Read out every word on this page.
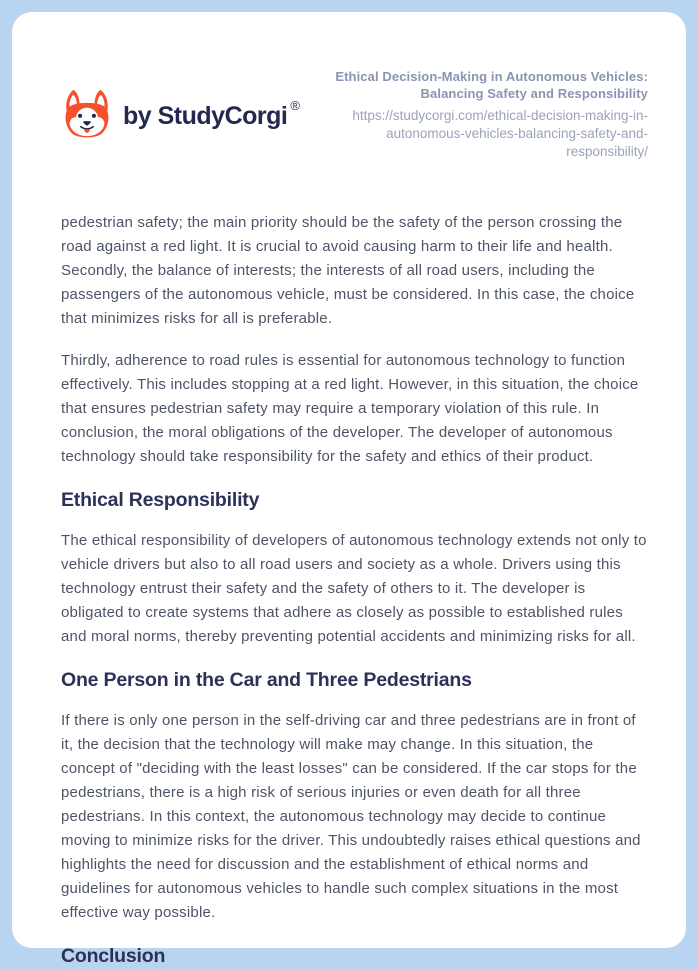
by StudyCorgi ®
Ethical Decision-Making in Autonomous Vehicles: Balancing Safety and Responsibility
https://studycorgi.com/ethical-decision-making-in-autonomous-vehicles-balancing-safety-and-responsibility/

pedestrian safety; the main priority should be the safety of the person crossing the road against a red light. It is crucial to avoid causing harm to their life and health. Secondly, the balance of interests; the interests of all road users, including the passengers of the autonomous vehicle, must be considered. In this case, the choice that minimizes risks for all is preferable.

Thirdly, adherence to road rules is essential for autonomous technology to function effectively. This includes stopping at a red light. However, in this situation, the choice that ensures pedestrian safety may require a temporary violation of this rule. In conclusion, the moral obligations of the developer. The developer of autonomous technology should take responsibility for the safety and ethics of their product.

Ethical Responsibility

The ethical responsibility of developers of autonomous technology extends not only to vehicle drivers but also to all road users and society as a whole. Drivers using this technology entrust their safety and the safety of others to it. The developer is obligated to create systems that adhere as closely as possible to established rules and moral norms, thereby preventing potential accidents and minimizing risks for all.

One Person in the Car and Three Pedestrians

If there is only one person in the self-driving car and three pedestrians are in front of it, the decision that the technology will make may change. In this situation, the concept of "deciding with the least losses" can be considered. If the car stops for the pedestrians, there is a high risk of serious injuries or even death for all three pedestrians. In this context, the autonomous technology may decide to continue moving to minimize risks for the driver. This undoubtedly raises ethical questions and highlights the need for discussion and the establishment of ethical norms and guidelines for autonomous vehicles to handle such complex situations in the most effective way possible.

Conclusion
